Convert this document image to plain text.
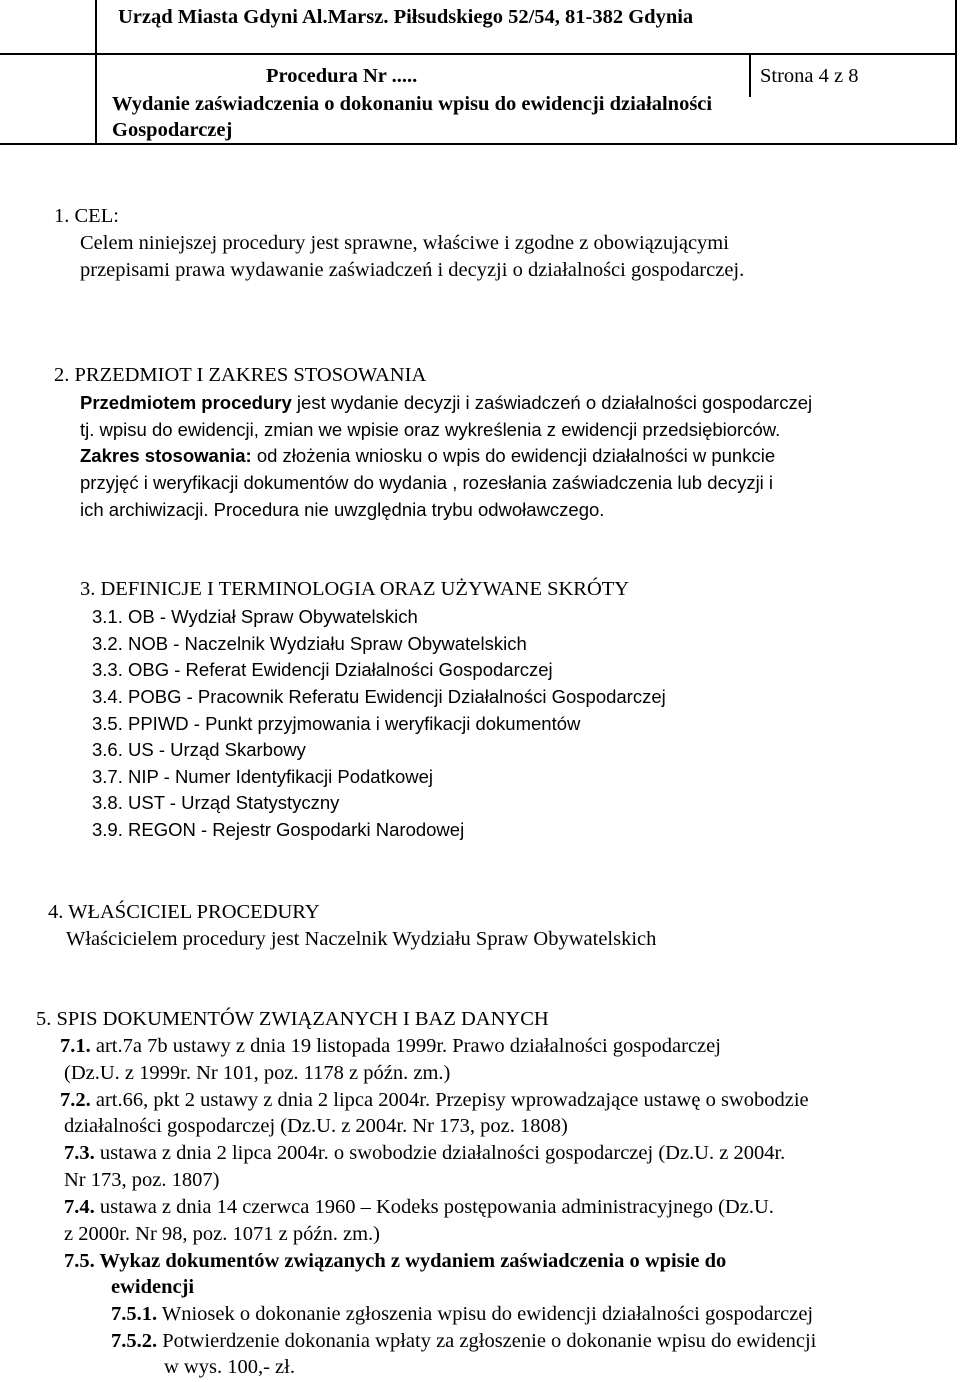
Urząd Miasta Gdyni Al.Marsz. Piłsudskiego 52/54, 81-382 Gdynia
Procedura Nr .....	Strona 4 z 8
Wydanie zaświadczenia o dokonaniu wpisu do ewidencji działalności
Gospodarczej
1. CEL:
Celem niniejszej procedury jest sprawne, właściwe i zgodne z obowiązującymi
przepisami prawa wydawanie zaświadczeń i decyzji o działalności gospodarczej.
2. PRZEDMIOT I ZAKRES STOSOWANIA
Przedmiotem procedury jest wydanie decyzji i zaświadczeń o działalności gospodarczej
tj. wpisu do ewidencji, zmian we wpisie oraz wykreślenia z ewidencji przedsiębiorców.
Zakres stosowania: od złożenia wniosku o wpis do ewidencji działalności w punkcie
przyjęć i weryfikacji dokumentów do wydania , rozesłania zaświadczenia lub decyzji i
ich archiwizacji. Procedura nie uwzględnia trybu odwoławczego.
3. DEFINICJE I TERMINOLOGIA ORAZ UŻYWANE SKRÓTY
3.1. OB - Wydział Spraw Obywatelskich
3.2. NOB - Naczelnik Wydziału Spraw Obywatelskich
3.3. OBG - Referat Ewidencji Działalności Gospodarczej
3.4. POBG - Pracownik Referatu Ewidencji Działalności Gospodarczej
3.5. PPIWD - Punkt przyjmowania i weryfikacji dokumentów
3.6. US - Urząd Skarbowy
3.7. NIP - Numer Identyfikacji Podatkowej
3.8. UST - Urząd Statystyczny
3.9. REGON - Rejestr Gospodarki Narodowej
4. WŁAŚCICIEL PROCEDURY
Właścicielem procedury jest Naczelnik Wydziału Spraw Obywatelskich
5. SPIS DOKUMENTÓW ZWIĄZANYCH I BAZ DANYCH
7.1. art.7a 7b ustawy z dnia 19 listopada 1999r. Prawo działalności gospodarczej
(Dz.U. z 1999r. Nr 101, poz. 1178 z późn. zm.)
7.2. art.66, pkt 2 ustawy z dnia 2 lipca 2004r. Przepisy wprowadzające ustawę o swobodzie
działalności gospodarczej (Dz.U. z 2004r. Nr 173, poz. 1808)
7.3. ustawa z dnia 2 lipca 2004r. o swobodzie działalności gospodarczej (Dz.U. z 2004r.
Nr 173, poz. 1807)
7.4. ustawa z dnia 14 czerwca 1960 – Kodeks postępowania administracyjnego (Dz.U.
z 2000r. Nr 98, poz. 1071 z późn. zm.)
7.5. Wykaz dokumentów związanych z wydaniem zaświadczenia o wpisie do
ewidencji
7.5.1. Wniosek o dokonanie zgłoszenia wpisu do ewidencji działalności gospodarczej
7.5.2. Potwierdzenie dokonania wpłaty za zgłoszenie o dokonanie wpisu do ewidencji
w wys. 100,- zł.
